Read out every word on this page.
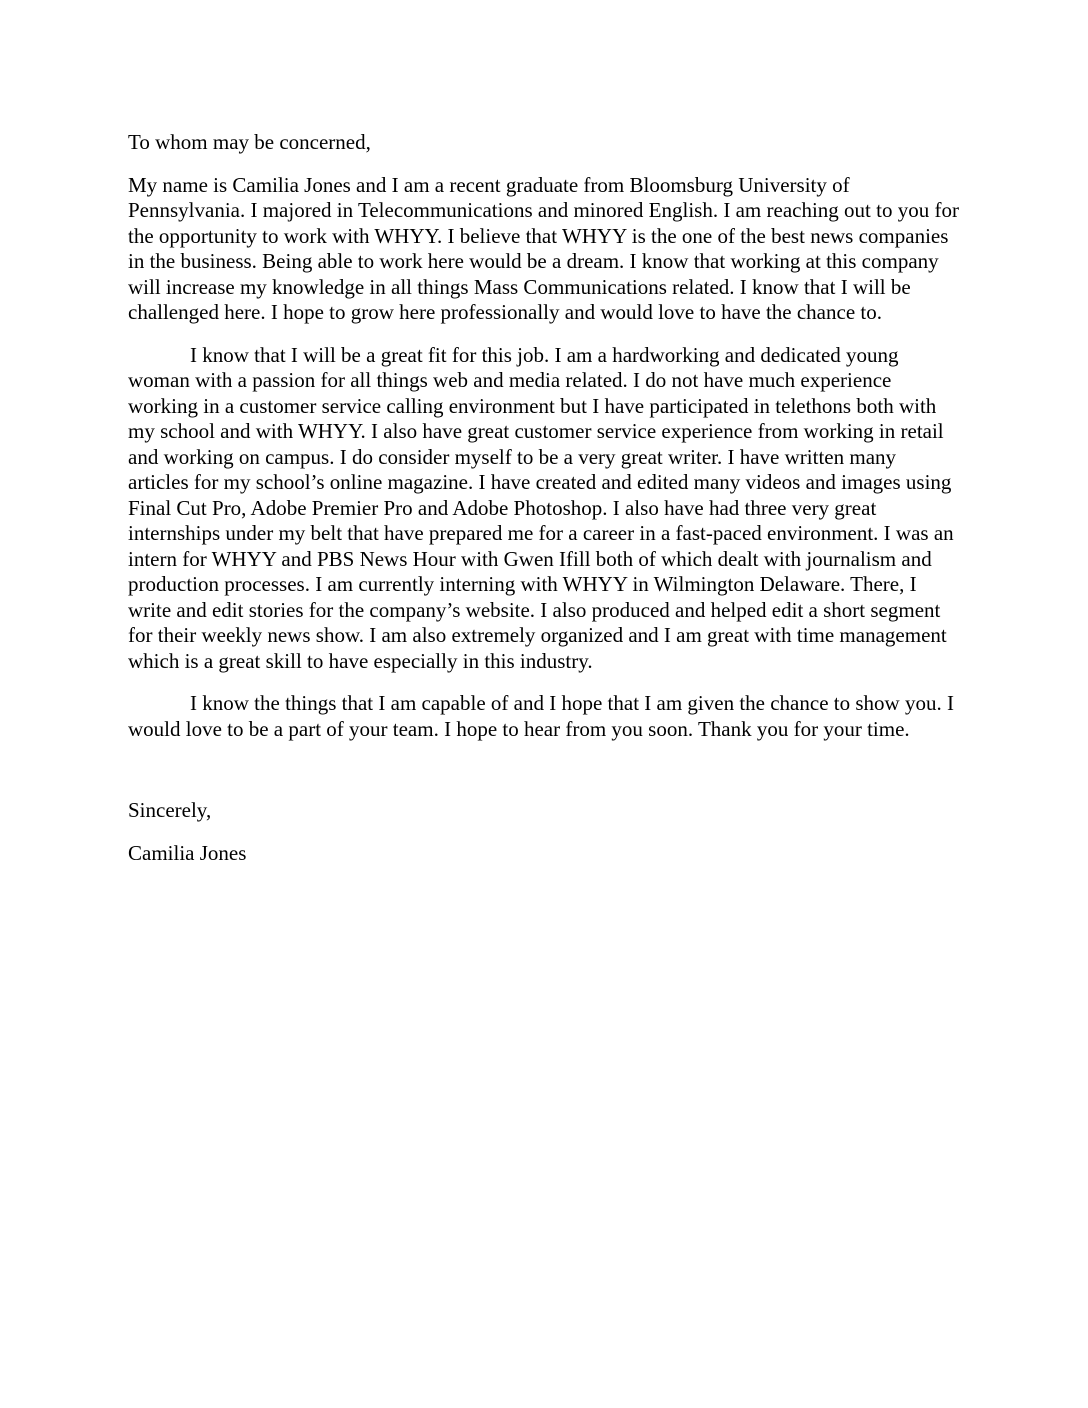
To whom may be concerned,

My name is Camilia Jones and I am a recent graduate from Bloomsburg University of Pennsylvania. I majored in Telecommunications and minored English. I am reaching out to you for the opportunity to work with WHYY. I believe that WHYY is the one of the best news companies in the business. Being able to work here would be a dream. I know that working at this company will increase my knowledge in all things Mass Communications related. I know that I will be challenged here. I hope to grow here professionally and would love to have the chance to.

I know that I will be a great fit for this job. I am a hardworking and dedicated young woman with a passion for all things web and media related. I do not have much experience working in a customer service calling environment but I have participated in telethons both with my school and with WHYY. I also have great customer service experience from working in retail and working on campus. I do consider myself to be a very great writer. I have written many articles for my school’s online magazine. I have created and edited many videos and images using Final Cut Pro, Adobe Premier Pro and Adobe Photoshop. I also have had three very great internships under my belt that have prepared me for a career in a fast-paced environment. I was an intern for WHYY and PBS News Hour with Gwen Ifill both of which dealt with journalism and production processes. I am currently interning with WHYY in Wilmington Delaware. There, I write and edit stories for the company’s website. I also produced and helped edit a short segment for their weekly news show. I am also extremely organized and I am great with time management which is a great skill to have especially in this industry.

I know the things that I am capable of and I hope that I am given the chance to show you. I would love to be a part of your team. I hope to hear from you soon. Thank you for your time.

Sincerely,

Camilia Jones
